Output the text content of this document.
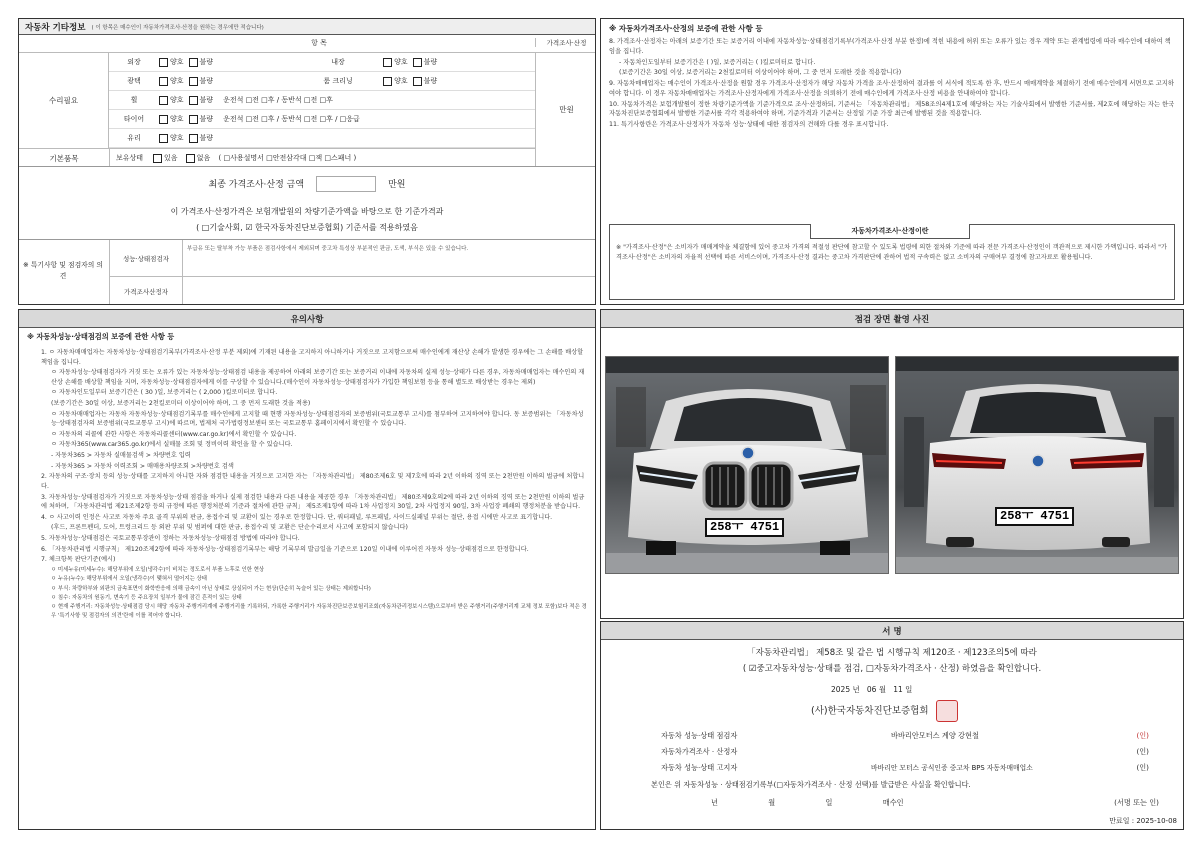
자동차 기타정보 ( 이 항목은 매수인이 자동차가격조사·산정을 원하는 경우에만 적습니다)
항 목	가격조사·산정
수리필요
만원
외장	양호 불량	내장	양호 불량
광택	양호 불량	룸 크리닝	양호 불량
휠	양호 불량 운전석 □전 □후 / 동반석 □전 □후
타이어	양호 불량 운전석 □전 □후 / 동반석 □전 □후 / □응급
유리	양호 불량
기본품목	보유상태	있음	없음 ( □사용설명서 □안전삼각대 □잭 □스패너 )
최종 가격조사·산정 금액	만원
이 가격조사·산정가격은 보험개발원의 차량기준가액을 바탕으로 한 기준가격과
( □기술사회, ☑ 한국자동차진단보증협회) 기준서를 적용하였음
※ 특기사항 및 점검자의 의견
성능·상태점검자
부급유 또는 탈부착 가능 부품은 점검사항에서 제외되며 중고차 특성상 부분적인 판금, 도색, 부식은 있을 수 있습니다.
가격조사산정자
※ 자동차가격조사·산정의 보증에 관한 사항 등
8. 가격조사·산정자는 아래의 보증기간 또는 보증거리 이내에 자동차성능·상태점검기록부(가격조사·산정 부분 한정)에 적힌 내용에 허위 또는 오류가 있는 경우 계약 또는 관계법령에 따라 매수인에 대하여 책임을 집니다.
- 자동차인도일부터 보증기간은 ( )일, 보증거리는 ( )킬로미터로 합니다.
(보증기간은 30일 이상, 보증거리는 2천킬로미터 이상이어야 하며, 그 중 먼저 도래한 것을 적용합니다)
9. 자동차매매업자는 매수인이 가격조사·산정을 원할 경우 가격조사·산정자가 해당 자동차 가격을 조사·산정하여 결과를 이 서식에 적도록 한 후, 반드시 매매계약을 체결하기 전에 매수인에게 서면으로 고지하여야 합니다. 이 경우 자동차매매업자는 가격조사·산정자에게 가격조사·산정을 의뢰하기 전에 매수인에게 가격조사·산정 비용을 안내하여야 합니다.
10. 자동차가격은 보험개발원이 정한 차량기준가액을 기준가격으로 조사·산정하되, 기준서는 「자동차관리법」 제58조의4제1호에 해당하는 자는 기술사회에서 발행한 기준서를, 제2호에 해당하는 자는 한국자동차진단보증협회에서 발행한 기준서를 각각 적용하여야 하며, 기준가격과 기준서는 산정일 기준 가장 최근에 발행된 것을 적용합니다.
11. 특기사항란은 가격조사·산정자가 자동차 성능·상태에 대한 점검자의 견해와 다를 경우 표시합니다.
자동차가격조사·산정이란
※ "가격조사·산정"은 소비자가 매매계약을 체결함에 있어 중고차 가격의 적절성 판단에 참고할 수 있도록 법령에 의한 절차와 기준에 따라 전문 가격조사·산정인이 객관적으로 제시한 가액입니다. 따라서 "가격조사·산정"은 소비자의 자율적 선택에 따른 서비스이며, 가격조사·산정 결과는 중고차 가격판단에 관하여 법적 구속력은 없고 소비자의 구매여부 결정에 참고자료로 활용됩니다.
유의사항
※ 자동차성능·상태점검의 보증에 관한 사항 등
1. ㅇ 자동차매매업자는 자동차성능·상태점검기록부(가격조사·산정 부분 제외)에 기재된 내용을 고지하지 아니하거나 거짓으로 고지함으로써 매수인에게 재산상 손해가 발생한 경우에는 그 손해를 배상할 책임을 집니다.
ㅇ 자동차성능·상태점검자가 거짓 또는 오류가 있는 자동차성능·상태점검 내용을 제공하여 아래의 보증기간 또는 보증거리 이내에 자동차의 실제 성능·상태가 다른 경우, 자동차매매업자는 매수인의 재산상 손해를 배상할 책임을 지며, 자동차성능·상태점검자에게 이를 구상할 수 있습니다.(매수인이 자동차성능·상태점검자가 가입한 책임보험 등을 통해 별도로 배상받는 경우는 제외)
ㅇ 자동차인도일부터 보증기간은 ( 30 )일, 보증거리는 ( 2,000 )킬로미터로 합니다.
(보증기간은 30일 이상, 보증거리는 2천킬로미터 이상이어야 하며, 그 중 먼저 도래한 것을 적용)
ㅇ 자동차매매업자는 자동차 자동차성능·상태점검기록부를 매수인에게 고지할 때 현행 자동차성능·상태점검자의 보증범위(국토교통부 고시)를 첨부하여 고지하여야 합니다. 동 보증범위는 「자동차성능·상태점검자의 보증범위(국토교통부 고시)에 따르며, 법제처 국가법령정보센터 또는 국토교통부 홈페이지에서 확인할 수 있습니다.
ㅇ 자동차의 리콜에 관한 사항은 자동차리콜센터(www.car.go.kr)에서 확인할 수 있습니다.
ㅇ 자동차365(www.car365.go.kr)에서 실매물 조회 및 정비이력 확인을 할 수 있습니다.
- 자동차365 > 자동차 실매물검색 > 차량번호 입력
- 자동차365 > 자동차 이력조회 > 매매용차량조회 >차량번호 검색
2. 자동차의 구조·장치 등의 성능·상태를 고지하지 아니한 자와 점검한 내용을 거짓으로 고지한 자는 「자동차관리법」 제80조제6호 및 제7호에 따라 2년 이하의 징역 또는 2천만원 이하의 벌금에 처합니다.
3. 자동차성능·상태점검자가 거짓으로 자동차성능·상태 점검을 하거나 실제 점검한 내용과 다른 내용을 제공한 경우 「자동차관리법」 제80조제9호의2에 따라 2년 이하의 징역 또는 2천만원 이하의 벌금에 처하며, 「자동차관리법 제21조제2항 등의 규정에 따른 행정처분의 기준과 절차에 관한 규칙」 제5조제1항에 따라 1차 사업정지 30일, 2차 사업정지 90일, 3차 사업장 폐쇄의 행정처분을 받습니다.
4. ㅇ 사고이력 인정은 사고로 자동차 주요 골격 부위의 판금, 용접수리 및 교환이 있는 경우로 한정합니다. 단, 쿼터패널, 루프패널, 사이드실패널 부위는 절단, 용접 시에만 사고로 표기합니다.
(후드, 프론트펜더, 도어, 트렁크리드 등 외판 부위 및 범퍼에 대한 판금, 용접수리 및 교환은 단순수리로서 사고에 포함되지 않습니다)
5. 자동차성능·상태점검은 국토교통부장관이 정하는 자동차성능·상태점검 방법에 따라야 합니다.
6. 「자동차관리법 시행규칙」 제120조제2항에 따라 자동차성능·상태점검기록부는 해당 기록부의 발급일을 기준으로 120일 이내에 이루어진 자동차 성능·상태점검으로 한정합니다.
7. 체크항목 판단기준(예시)
ㅇ 미세누유(미세누수): 해당부위에 오일(냉각수)이 비치는 정도로서 부품 노후로 인한 현상
ㅇ 누유(누수): 해당부위에서 오일(냉각수)이 맺혀서 떨어지는 상태
ㅇ 부식: 차량하부와 외판의 금속표면이 화학반응에 의해 금속이 아닌 상태로 상실되어 가는 현상(단순히 녹슬어 있는 상태는 제외합니다)
ㅇ 침수: 자동차의 원동기, 변속기 등 주요장치 일부가 물에 잠긴 흔적이 있는 상태
ㅇ 현재 주행거리: 자동차성능·상태점검 당시 해당 자동차 주행거리계에 주행거리를 기록하되, 가록한 주행거리가 자동차진단보증보험리조회(자동차관리정보시스템)으로부터 받은 주행거리(주행거리계 교체 정보 포함)보다 적은 경우 '특기사항 및 점검자의 의견'란에 이를 적어야 합니다.
점검 장면 촬영 사진
258ㅜ 4751
258ㅜ 4751
서 명
「자동차관리법」 제58조 및 같은 법 시행규칙 제120조 · 제123조의5에 따라
( ☑중고자동차성능·상태를 점검, □자동차가격조사 · 산정) 하였음을 확인합니다.
2025 년 06 월 11 일
(사)한국자동차진단보증협회
자동차 성능·상태 점검자	바바리안모터스 계양 강현철	(인)
자동차가격조사 · 산정자	(인)
자동차 성능·상태 고지자	바바리안 모터스 공식인증 중고차 BPS 자동차매매업소	(인)
본인은 위 자동차성능 · 상태점검기록부(□자동차가격조사 · 산정 선택)를 발급받은 사실을 확인합니다.
년	월	일	매수인	(서명 또는 인)
만료일 : 2025-10-08
